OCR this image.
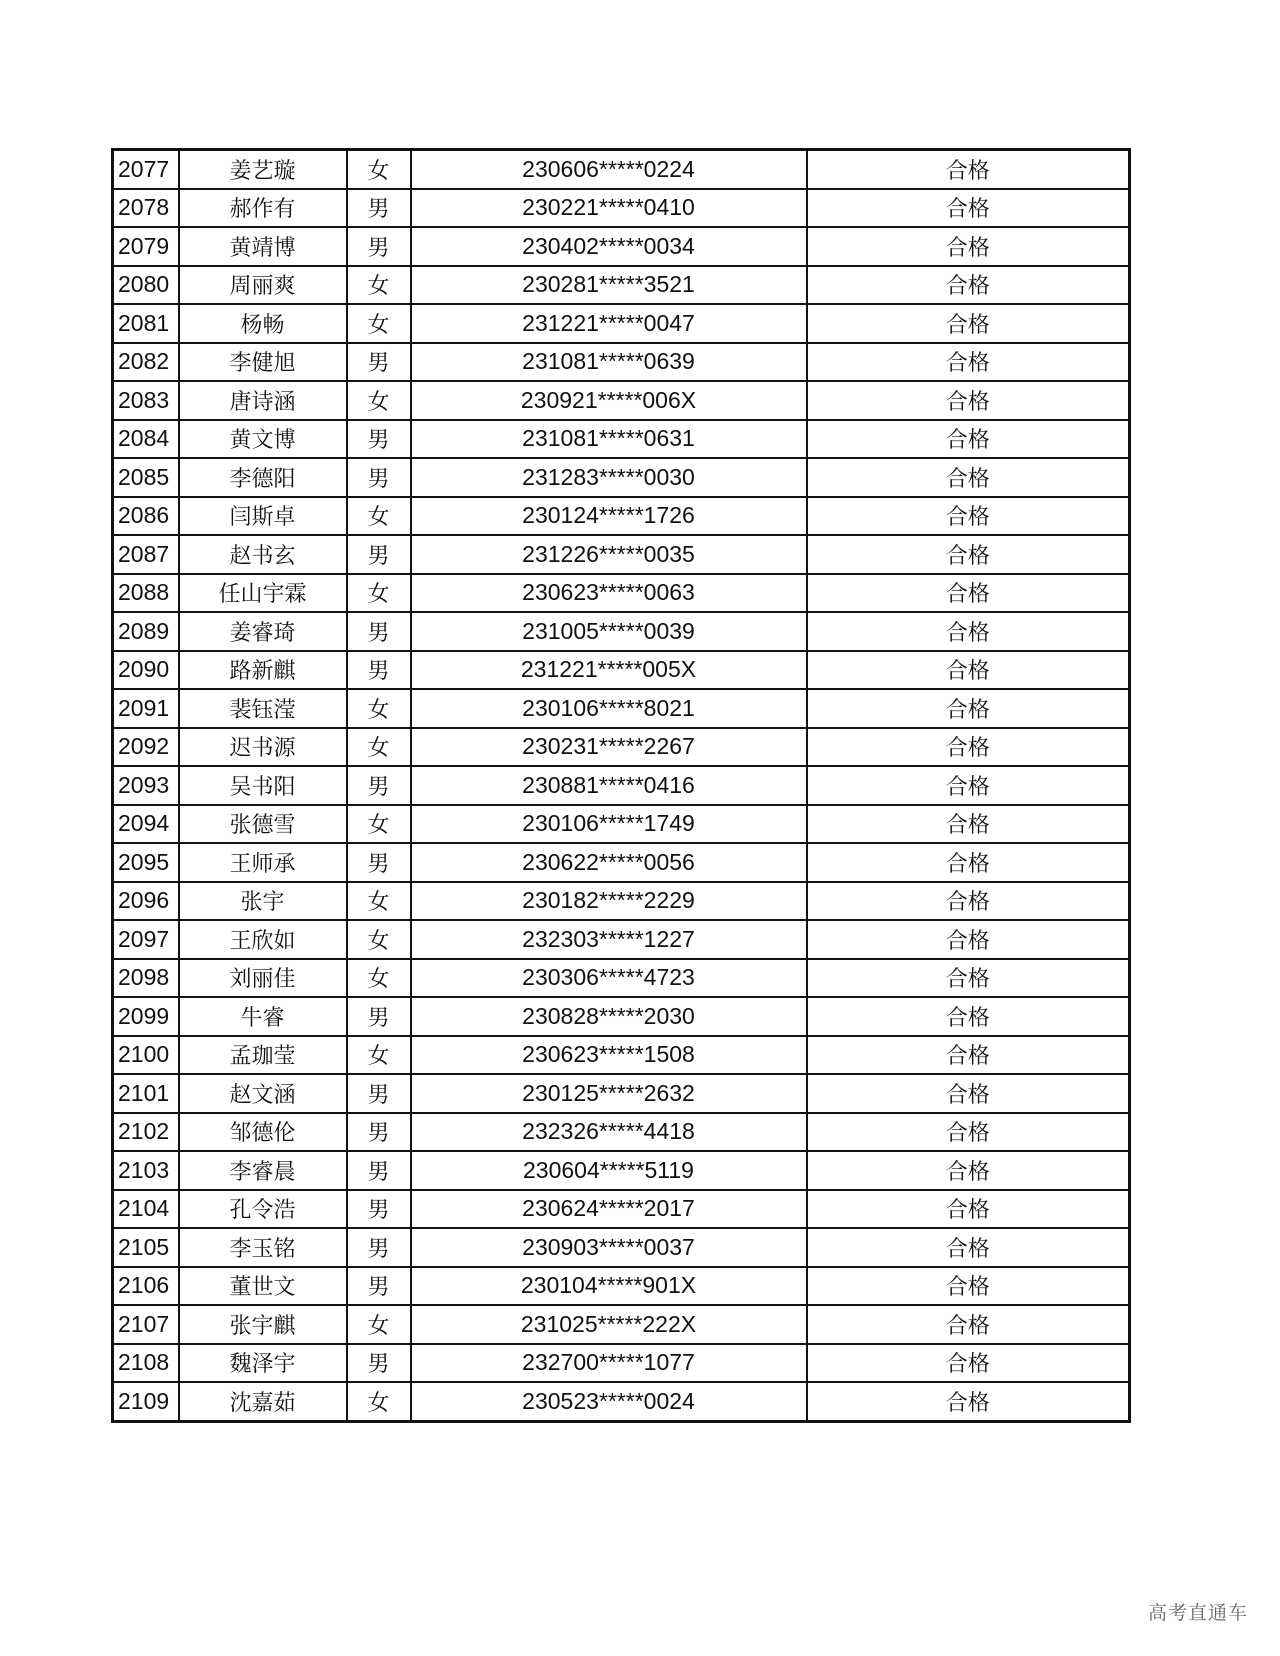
2077	姜艺璇	女	230606*****0224	合格
2078	郝作有	男	230221*****0410	合格
2079	黄靖博	男	230402*****0034	合格
2080	周丽爽	女	230281*****3521	合格
2081	杨畅	女	231221*****0047	合格
2082	李健旭	男	231081*****0639	合格
2083	唐诗涵	女	230921*****006X	合格
2084	黄文博	男	231081*****0631	合格
2085	李德阳	男	231283*****0030	合格
2086	闫斯卓	女	230124*****1726	合格
2087	赵书玄	男	231226*****0035	合格
2088	任山宇霖	女	230623*****0063	合格
2089	姜睿琦	男	231005*****0039	合格
2090	路新麒	男	231221*****005X	合格
2091	裴钰滢	女	230106*****8021	合格
2092	迟书源	女	230231*****2267	合格
2093	吴书阳	男	230881*****0416	合格
2094	张德雪	女	230106*****1749	合格
2095	王师承	男	230622*****0056	合格
2096	张宇	女	230182*****2229	合格
2097	王欣如	女	232303*****1227	合格
2098	刘丽佳	女	230306*****4723	合格
2099	牛睿	男	230828*****2030	合格
2100	孟珈莹	女	230623*****1508	合格
2101	赵文涵	男	230125*****2632	合格
2102	邹德伦	男	232326*****4418	合格
2103	李睿晨	男	230604*****5119	合格
2104	孔令浩	男	230624*****2017	合格
2105	李玉铭	男	230903*****0037	合格
2106	董世文	男	230104*****901X	合格
2107	张宇麒	女	231025*****222X	合格
2108	魏泽宇	男	232700*****1077	合格
2109	沈嘉茹	女	230523*****0024	合格
高考直通车
